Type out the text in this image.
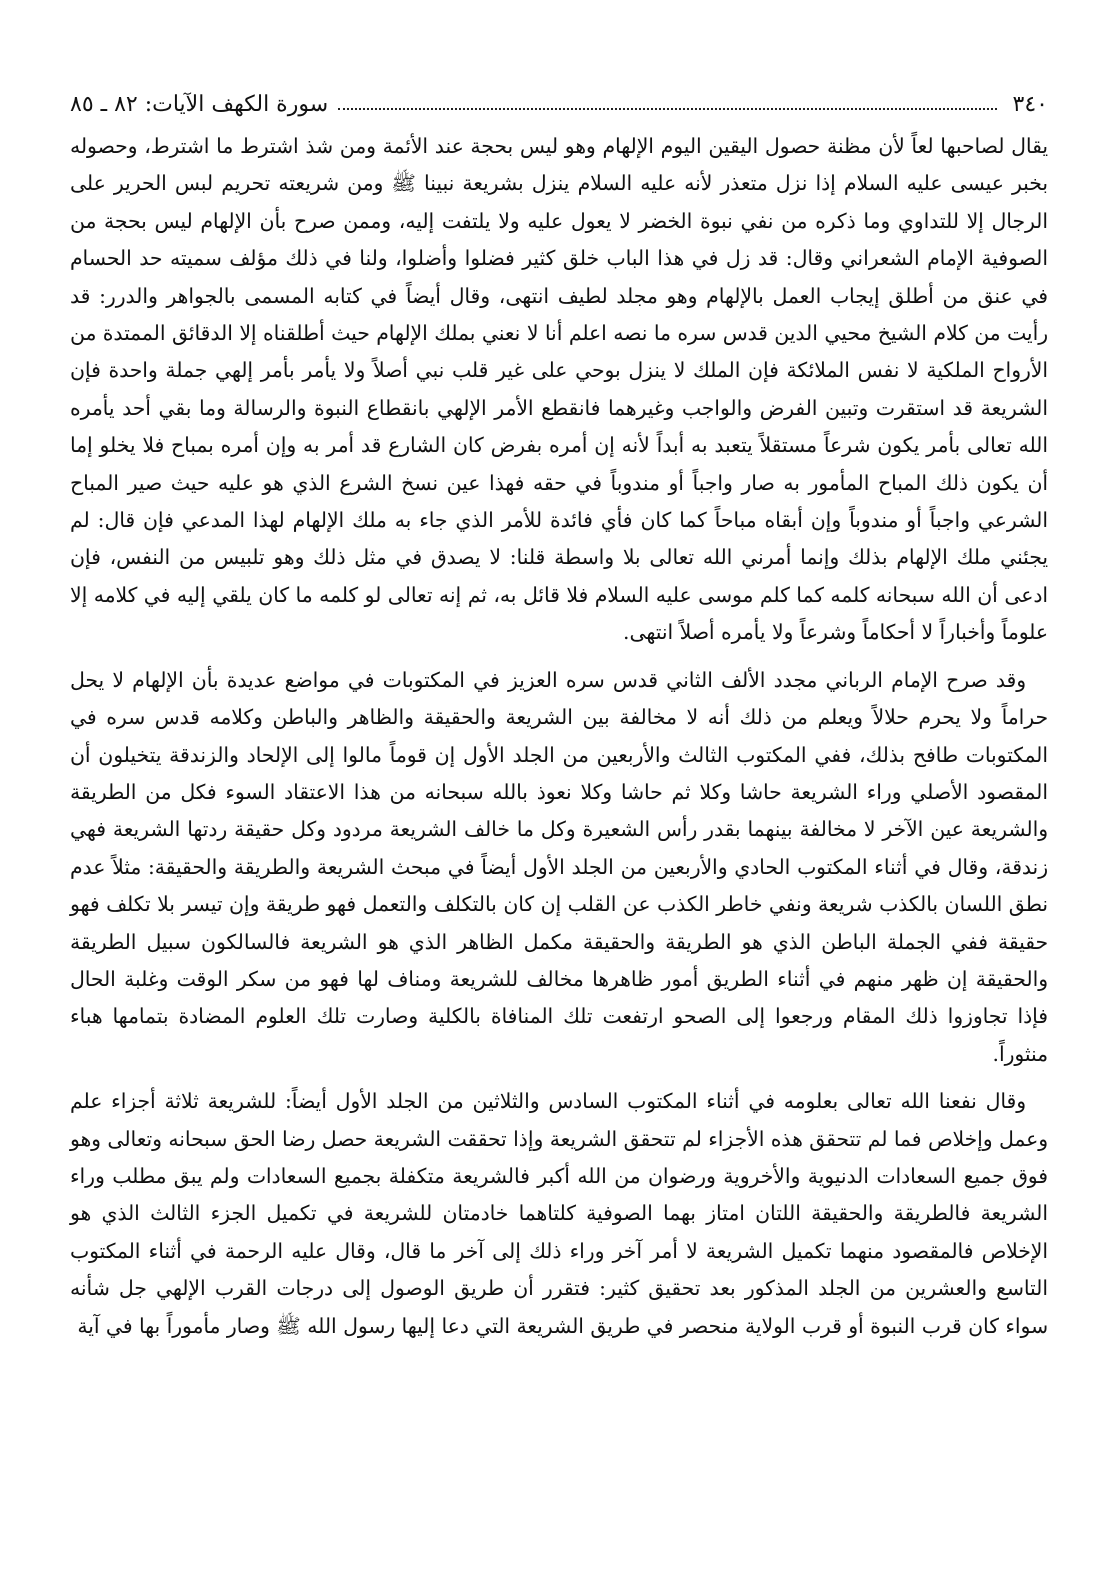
٣٤٠
سورة الكهف الآيات: ٨٢ ـ ٨٥

يقال لصاحبها لعاً لأن مظنة حصول اليقين اليوم الإلهام وهو ليس بحجة عند الأئمة ومن شذ اشترط ما اشترط، وحصوله بخبر عيسى عليه السلام إذا نزل متعذر لأنه عليه السلام ينزل بشريعة نبينا ﷺ ومن شريعته تحريم لبس الحرير على الرجال إلا للتداوي وما ذكره من نفي نبوة الخضر لا يعول عليه ولا يلتفت إليه، وممن صرح بأن الإلهام ليس بحجة من الصوفية الإمام الشعراني وقال: قد زل في هذا الباب خلق كثير فضلوا وأضلوا، ولنا في ذلك مؤلف سميته حد الحسام في عنق من أطلق إيجاب العمل بالإلهام وهو مجلد لطيف انتهى، وقال أيضاً في كتابه المسمى بالجواهر والدرر: قد رأيت من كلام الشيخ محيي الدين قدس سره ما نصه اعلم أنا لا نعني بملك الإلهام حيث أطلقناه إلا الدقائق الممتدة من الأرواح الملكية لا نفس الملائكة فإن الملك لا ينزل بوحي على غير قلب نبي أصلاً ولا يأمر بأمر إلهي جملة واحدة فإن الشريعة قد استقرت وتبين الفرض والواجب وغيرهما فانقطع الأمر الإلهي بانقطاع النبوة والرسالة وما بقي أحد يأمره الله تعالى بأمر يكون شرعاً مستقلاً يتعبد به أبداً لأنه إن أمره بفرض كان الشارع قد أمر به وإن أمره بمباح فلا يخلو إما أن يكون ذلك المباح المأمور به صار واجباً أو مندوباً في حقه فهذا عين نسخ الشرع الذي هو عليه حيث صير المباح الشرعي واجباً أو مندوباً وإن أبقاه مباحاً كما كان فأي فائدة للأمر الذي جاء به ملك الإلهام لهذا المدعي فإن قال: لم يجئني ملك الإلهام بذلك وإنما أمرني الله تعالى بلا واسطة قلنا: لا يصدق في مثل ذلك وهو تلبيس من النفس، فإن ادعى أن الله سبحانه كلمه كما كلم موسى عليه السلام فلا قائل به، ثم إنه تعالى لو كلمه ما كان يلقي إليه في كلامه إلا علوماً وأخباراً لا أحكاماً وشرعاً ولا يأمره أصلاً انتهى.

وقد صرح الإمام الرباني مجدد الألف الثاني قدس سره العزيز في المكتوبات في مواضع عديدة بأن الإلهام لا يحل حراماً ولا يحرم حلالاً ويعلم من ذلك أنه لا مخالفة بين الشريعة والحقيقة والظاهر والباطن وكلامه قدس سره في المكتوبات طافح بذلك، ففي المكتوب الثالث والأربعين من الجلد الأول إن قوماً مالوا إلى الإلحاد والزندقة يتخيلون أن المقصود الأصلي وراء الشريعة حاشا وكلا ثم حاشا وكلا نعوذ بالله سبحانه من هذا الاعتقاد السوء فكل من الطريقة والشريعة عين الآخر لا مخالفة بينهما بقدر رأس الشعيرة وكل ما خالف الشريعة مردود وكل حقيقة ردتها الشريعة فهي زندقة، وقال في أثناء المكتوب الحادي والأربعين من الجلد الأول أيضاً في مبحث الشريعة والطريقة والحقيقة: مثلاً عدم نطق اللسان بالكذب شريعة ونفي خاطر الكذب عن القلب إن كان بالتكلف والتعمل فهو طريقة وإن تيسر بلا تكلف فهو حقيقة ففي الجملة الباطن الذي هو الطريقة والحقيقة مكمل الظاهر الذي هو الشريعة فالسالكون سبيل الطريقة والحقيقة إن ظهر منهم في أثناء الطريق أمور ظاهرها مخالف للشريعة ومناف لها فهو من سكر الوقت وغلبة الحال فإذا تجاوزوا ذلك المقام ورجعوا إلى الصحو ارتفعت تلك المنافاة بالكلية وصارت تلك العلوم المضادة بتمامها هباء منثوراً.

وقال نفعنا الله تعالى بعلومه في أثناء المكتوب السادس والثلاثين من الجلد الأول أيضاً: للشريعة ثلاثة أجزاء علم وعمل وإخلاص فما لم تتحقق هذه الأجزاء لم تتحقق الشريعة وإذا تحققت الشريعة حصل رضا الحق سبحانه وتعالى وهو فوق جميع السعادات الدنيوية والأخروية ورضوان من الله أكبر فالشريعة متكفلة بجميع السعادات ولم يبق مطلب وراء الشريعة فالطريقة والحقيقة اللتان امتاز بهما الصوفية كلتاهما خادمتان للشريعة في تكميل الجزء الثالث الذي هو الإخلاص فالمقصود منهما تكميل الشريعة لا أمر آخر وراء ذلك إلى آخر ما قال، وقال عليه الرحمة في أثناء المكتوب التاسع والعشرين من الجلد المذكور بعد تحقيق كثير: فتقرر أن طريق الوصول إلى درجات القرب الإلهي جل شأنه سواء كان قرب النبوة أو قرب الولاية منحصر في طريق الشريعة التي دعا إليها رسول الله ﷺ وصار مأموراً بها في آية
